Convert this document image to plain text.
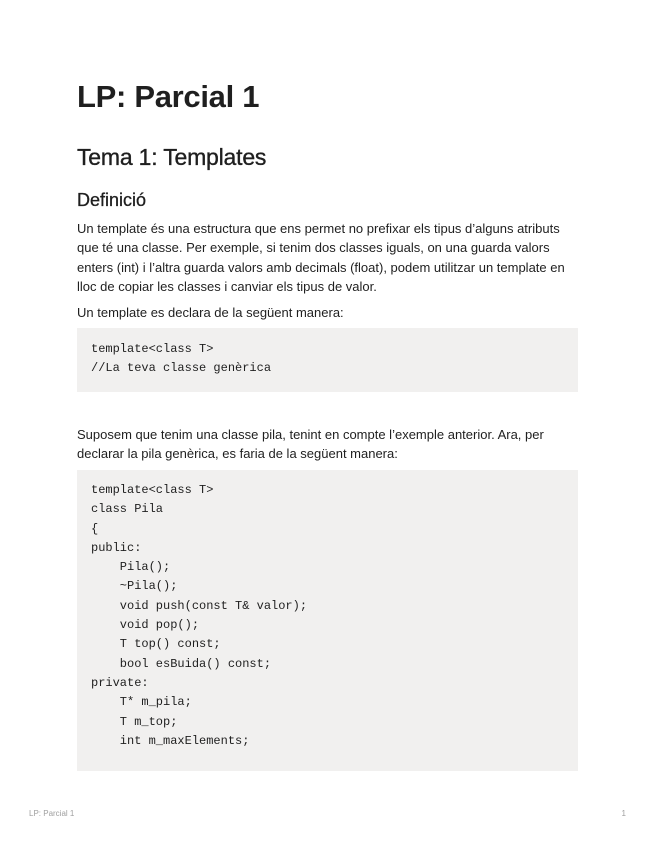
LP: Parcial 1
Tema 1: Templates
Definició

Un template és una estructura que ens permet no prefixar els tipus d’alguns atributs que té una classe. Per exemple, si tenim dos classes iguals, on una guarda valors enters (int) i l’altra guarda valors amb decimals (float), podem utilitzar un template en lloc de copiar les classes i canviar els tipus de valor.

Un template es declara de la següent manera:

template<class T>
//La teva classe genèrica

Suposem que tenim una classe pila, tenint en compte l’exemple anterior. Ara, per declarar la pila genèrica, es faria de la següent manera:

template<class T>
class Pila
{
public:
Pila();
~Pila();
void push(const T& valor);
void pop();
T top() const;
bool esBuida() const;
private:
T* m_pila;
T m_top;
int m_maxElements;
LP: Parcial 1	1
